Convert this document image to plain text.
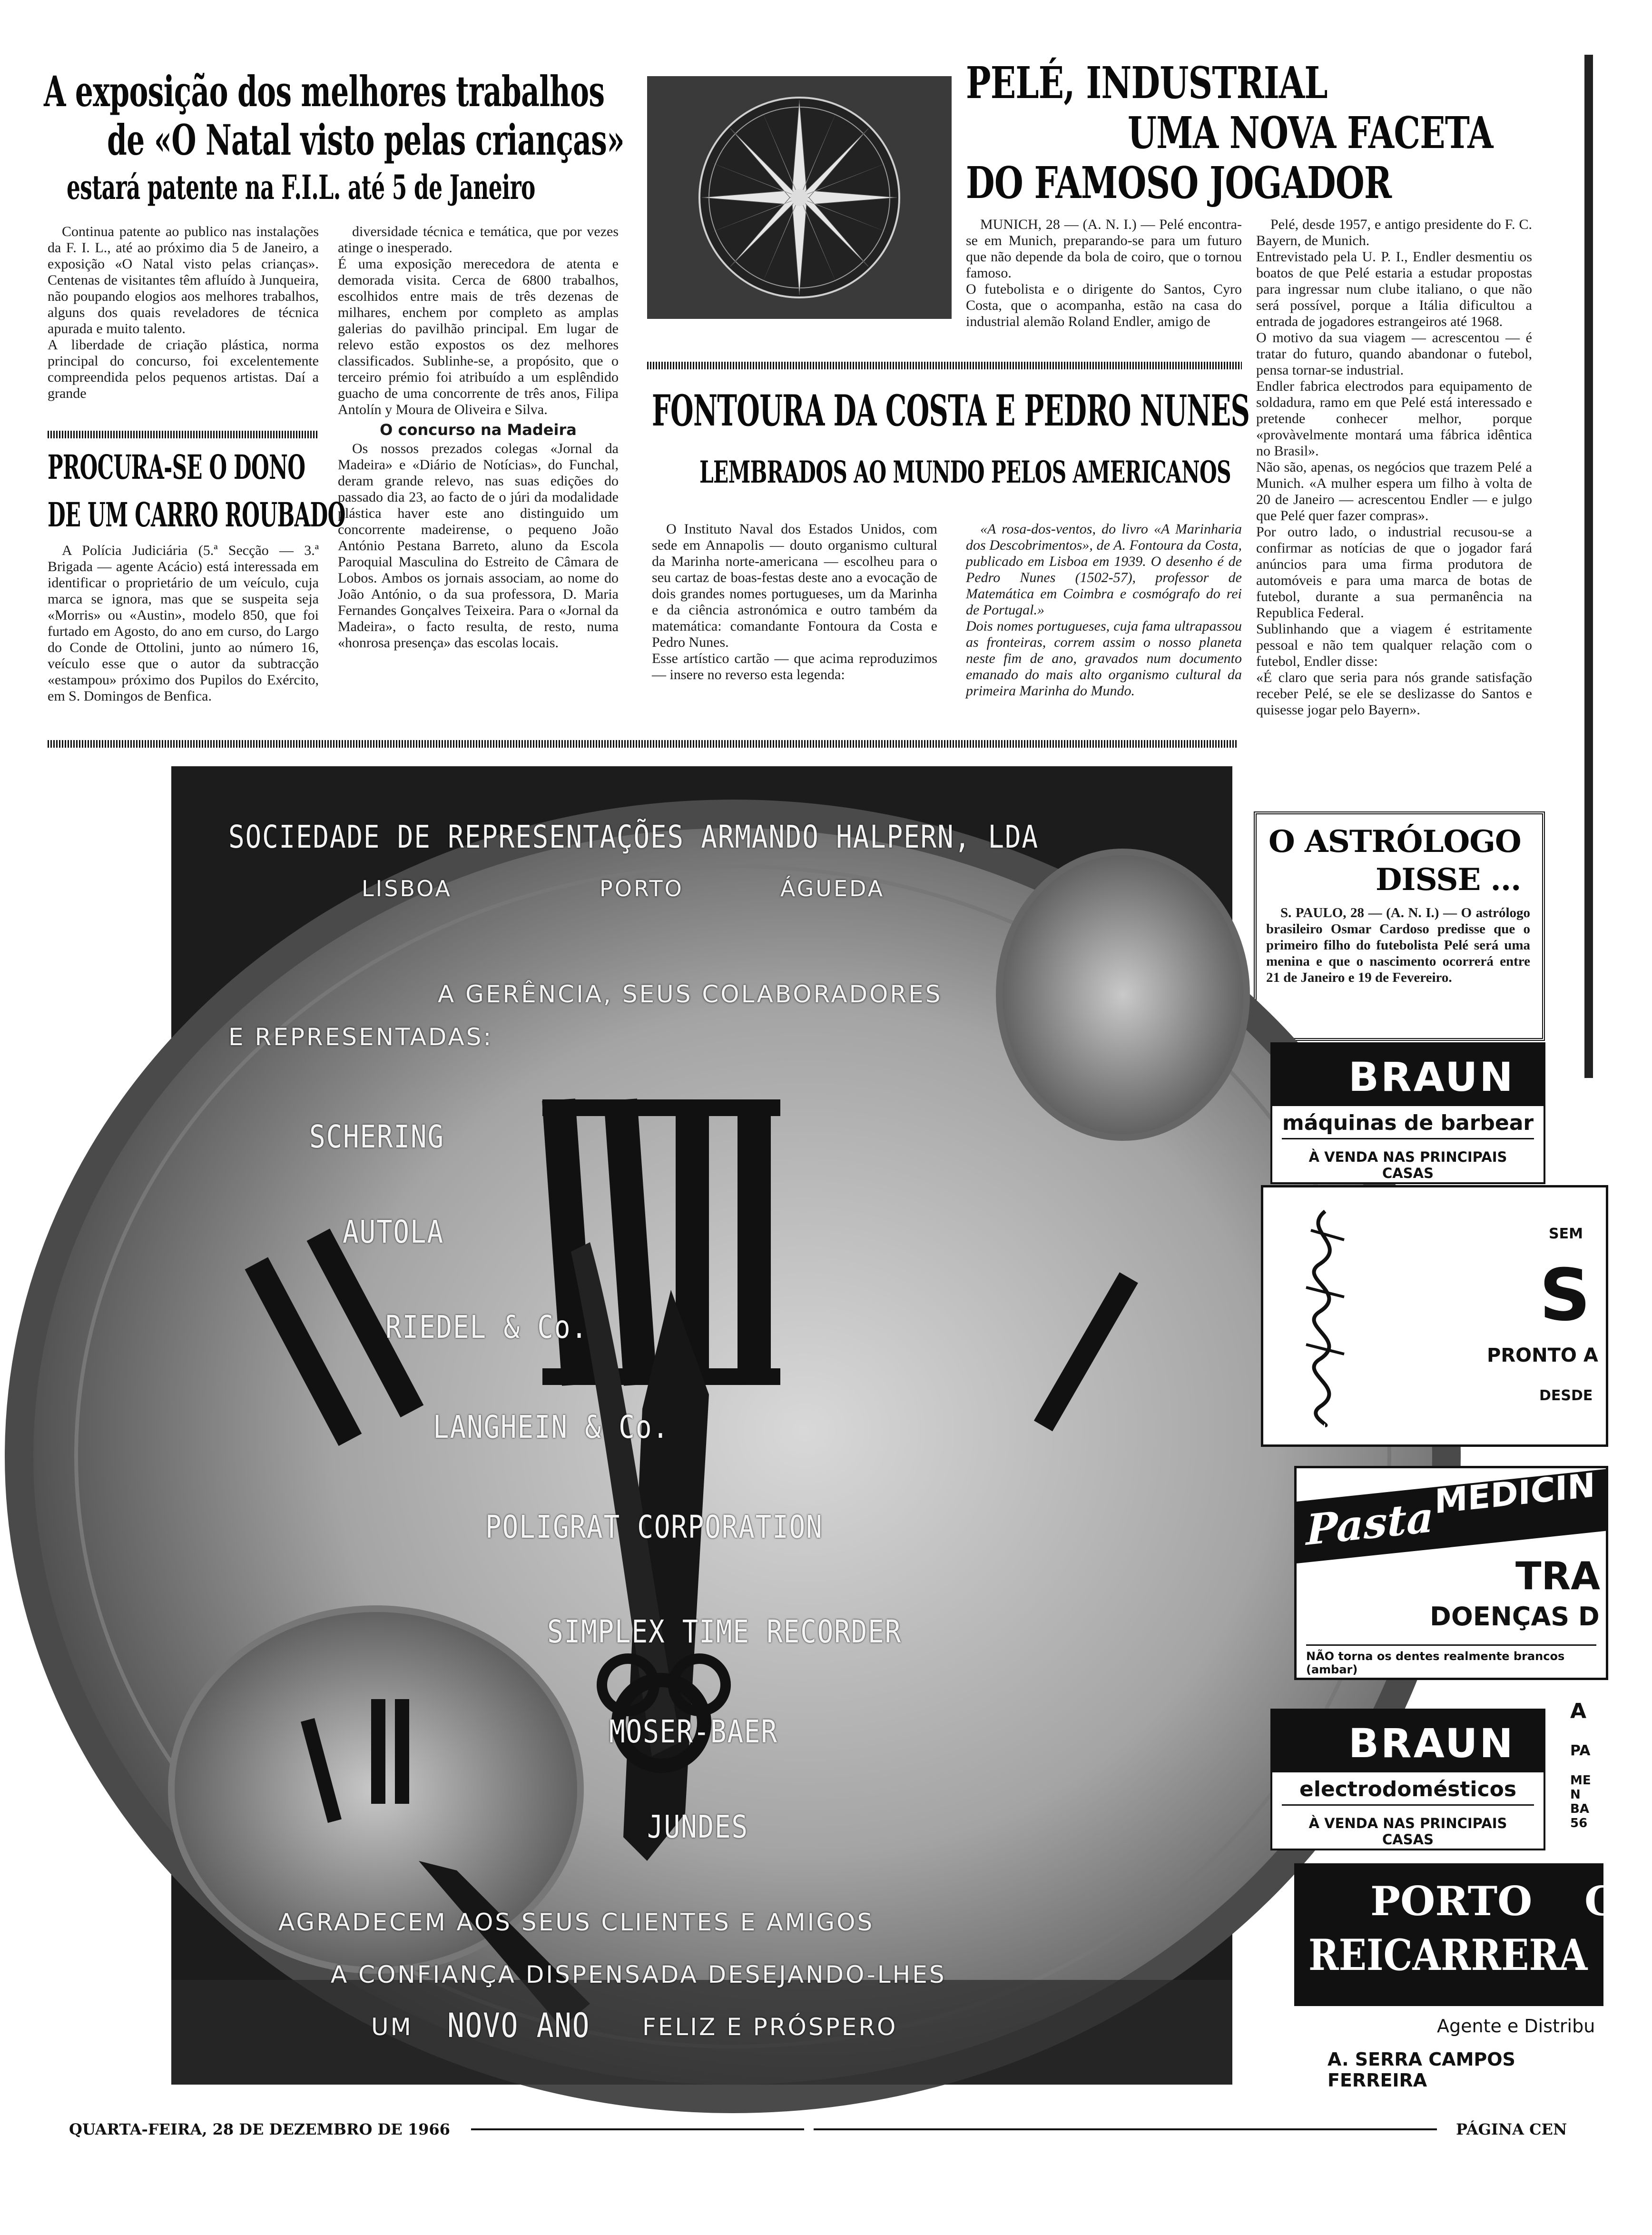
A exposição dos melhores trabalhos
de «O Natal visto pelas crianças»
estará patente na F.I.L. até 5 de Janeiro

Continua patente ao publico nas instalações da F. I. L., até ao próximo dia 5 de Janeiro, a exposição «O Natal visto pelas crianças». Centenas de visitantes têm afluído à Junqueira, não poupando elogios aos melhores trabalhos, alguns dos quais reveladores de técnica apurada e muito talento.
A liberdade de criação plástica, norma principal do concurso, foi excelentemente compreendida pelos pequenos artistas. Daí a grande

diversidade técnica e temática, que por vezes atinge o inesperado.
É uma exposição merecedora de atenta e demorada visita. Cerca de 6800 trabalhos, escolhidos entre mais de três dezenas de milhares, enchem por completo as amplas galerias do pavilhão principal. Em lugar de relevo estão expostos os dez melhores classificados. Sublinhe-se, a propósito, que o terceiro prémio foi atribuído a um esplêndido guacho de uma concorrente de três anos, Filipa Antolín y Moura de Oliveira e Silva.

O concurso na Madeira

Os nossos prezados colegas «Jornal da Madeira» e «Diário de Notícias», do Funchal, deram grande relevo, nas suas edições do passado dia 23, ao facto de o júri da modalidade plástica haver este ano distinguido um concorrente madeirense, o pequeno João António Pestana Barreto, aluno da Escola Paroquial Masculina do Estreito de Câmara de Lobos. Ambos os jornais associam, ao nome do João António, o da sua professora, D. Maria Fernandes Gonçalves Teixeira. Para o «Jornal da Madeira», o facto resulta, de resto, numa «honrosa presença» das escolas locais.

PROCURA-SE O DONO
DE UM CARRO ROUBADO

A Polícia Judiciária (5.ª Secção — 3.ª Brigada — agente Acácio) está interessada em identificar o proprietário de um veículo, cuja marca se ignora, mas que se suspeita seja «Morris» ou «Austin», modelo 850, que foi furtado em Agosto, do ano em curso, do Largo do Conde de Ottolini, junto ao número 16, veículo esse que o autor da subtracção «estampou» próximo dos Pupilos do Exército, em S. Domingos de Benfica.

PELÉ, INDUSTRIAL
UMA NOVA FACETA
DO FAMOSO JOGADOR

MUNICH, 28 — (A. N. I.) — Pelé encontra-se em Munich, preparando-se para um futuro que não depende da bola de coiro, que o tornou famoso.
O futebolista e o dirigente do Santos, Cyro Costa, que o acompanha, estão na casa do industrial alemão Roland Endler, amigo de

Pelé, desde 1957, e antigo presidente do F. C. Bayern, de Munich.
Entrevistado pela U. P. I., Endler desmentiu os boatos de que Pelé estaria a estudar propostas para ingressar num clube italiano, o que não será possível, porque a Itália dificultou a entrada de jogadores estrangeiros até 1968.
O motivo da sua viagem — acrescentou — é tratar do futuro, quando abandonar o futebol, pensa tornar-se industrial.
Endler fabrica electrodos para equipamento de soldadura, ramo em que Pelé está interessado e pretende conhecer melhor, porque «provàvelmente montará uma fábrica idêntica no Brasil».
Não são, apenas, os negócios que trazem Pelé a Munich. «A mulher espera um filho à volta de 20 de Janeiro — acrescentou Endler — e julgo que Pelé quer fazer compras».
Por outro lado, o industrial recusou-se a confirmar as notícias de que o jogador fará anúncios para uma firma produtora de automóveis e para uma marca de botas de futebol, durante a sua permanência na Republica Federal.
Sublinhando que a viagem é estritamente pessoal e não tem qualquer relação com o futebol, Endler disse:
«É claro que seria para nós grande satisfação receber Pelé, se ele se deslizasse do Santos e quisesse jogar pelo Bayern».

FONTOURA DA COSTA E PEDRO NUNES
LEMBRADOS AO MUNDO PELOS AMERICANOS

O Instituto Naval dos Estados Unidos, com sede em Annapolis — douto organismo cultural da Marinha norte-americana — escolheu para o seu cartaz de boas-festas deste ano a evocação de dois grandes nomes portugueses, um da Marinha e da ciência astronómica e outro também da matemática: comandante Fontoura da Costa e Pedro Nunes.
Esse artístico cartão — que acima reproduzimos — insere no reverso esta legenda:

«A rosa-dos-ventos, do livro «A Marinharia dos Descobrimentos», de A. Fontoura da Costa, publicado em Lisboa em 1939. O desenho é de Pedro Nunes (1502-57), professor de Matemática em Coimbra e cosmógrafo do rei de Portugal.»
Dois nomes portugueses, cuja fama ultrapassou as fronteiras, correm assim o nosso planeta neste fim de ano, gravados num documento emanado do mais alto organismo cultural da primeira Marinha do Mundo.

O ASTRÓLOGO
DISSE ...

S. PAULO, 28 — (A. N. I.) — O astrólogo brasileiro Osmar Cardoso predisse que o primeiro filho do futebolista Pelé será uma menina e que o nascimento ocorrerá entre 21 de Janeiro e 19 de Fevereiro.

SOCIEDADE DE REPRESENTAÇÕES ARMANDO HALPERN, LDA
LISBOA	PORTO	ÁGUEDA
A GERÊNCIA, SEUS COLABORADORES
E REPRESENTADAS:
SCHERING
AUTOLA
RIEDEL & Co.
LANGHEIN & Co.
POLIGRAT CORPORATION
SIMPLEX TIME RECORDER
MOSER-BAER
JUNDES
AGRADECEM AOS SEUS CLIENTES E AMIGOS
A CONFIANÇA DISPENSADA DESEJANDO-LHES
UM NOVO ANO FELIZ E PRÓSPERO
BRAUN
máquinas de barbear
À VENDA NAS PRINCIPAIS CASAS
SEM
S
PRONTO A
DESDE
Pasta MEDICIN
TRA
DOENÇAS D
NÃO torna os dentes realmente brancos (ambar)
BRAUN
electrodomésticos
À VENDA NAS PRINCIPAIS CASAS
A
PA
ME
N
BA
56
PORTO
REICARRERA
C
Agente e Distribu
A. SERRA CAMPOS FERREIRA
QUARTA-FEIRA, 28 DE DEZEMBRO DE 1966	PÁGINA CEN
